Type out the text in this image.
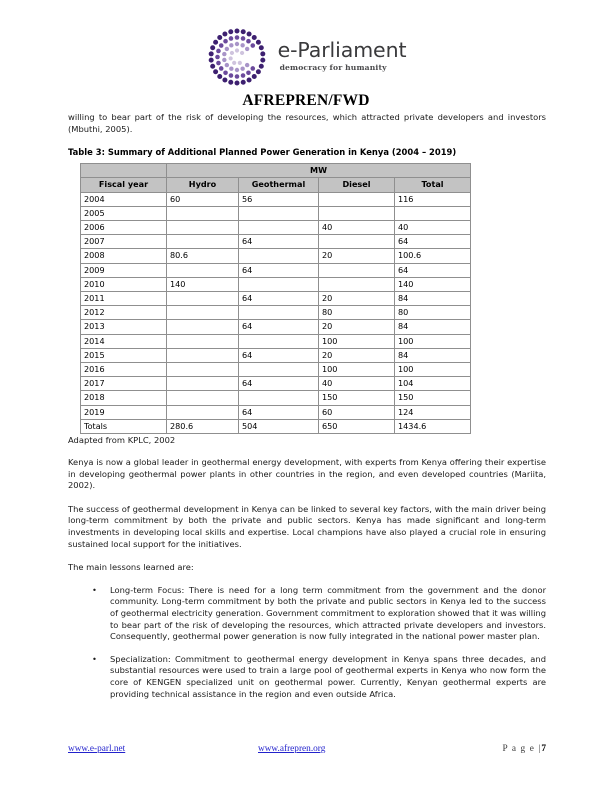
e-Parliament
democracy for humanity
AFREPREN/FWD

willing to bear part of the risk of developing the resources, which attracted private developers and investors (Mbuthi, 2005).

Table 3: Summary of Additional Planned Power Generation in Kenya (2004 – 2019)

	MW			
Fiscal year	Hydro	Geothermal	Diesel	Total
2004	60	56		116
2005				
2006			40	40
2007		64		64
2008	80.6		20	100.6
2009		64		64
2010	140			140
2011		64	20	84
2012			80	80
2013		64	20	84
2014			100	100
2015		64	20	84
2016			100	100
2017		64	40	104
2018			150	150
2019		64	60	124
Totals	280.6	504	650	1434.6

Adapted from KPLC, 2002

Kenya is now a global leader in geothermal energy development, with experts from Kenya offering their expertise in developing geothermal power plants in other countries in the region, and even developed countries (Mariita, 2002).

The success of geothermal development in Kenya can be linked to several key factors, with the main driver being long-term commitment by both the private and public sectors. Kenya has made significant and long-term investments in developing local skills and expertise. Local champions have also played a crucial role in ensuring sustained local support for the initiatives.

The main lessons learned are:

• Long-term Focus: There is need for a long term commitment from the government and the donor community. Long-term commitment by both the private and public sectors in Kenya led to the success of geothermal electricity generation. Government commitment to exploration showed that it was willing to bear part of the risk of developing the resources, which attracted private developers and investors. Consequently, geothermal power generation is now fully integrated in the national power master plan.
• Specialization: Commitment to geothermal energy development in Kenya spans three decades, and substantial resources were used to train a large pool of geothermal experts in Kenya who now form the core of KENGEN specialized unit on geothermal power. Currently, Kenyan geothermal experts are providing technical assistance in the region and even outside Africa.
www.e-parl.net	www.afrepren.org	P a g e |7
